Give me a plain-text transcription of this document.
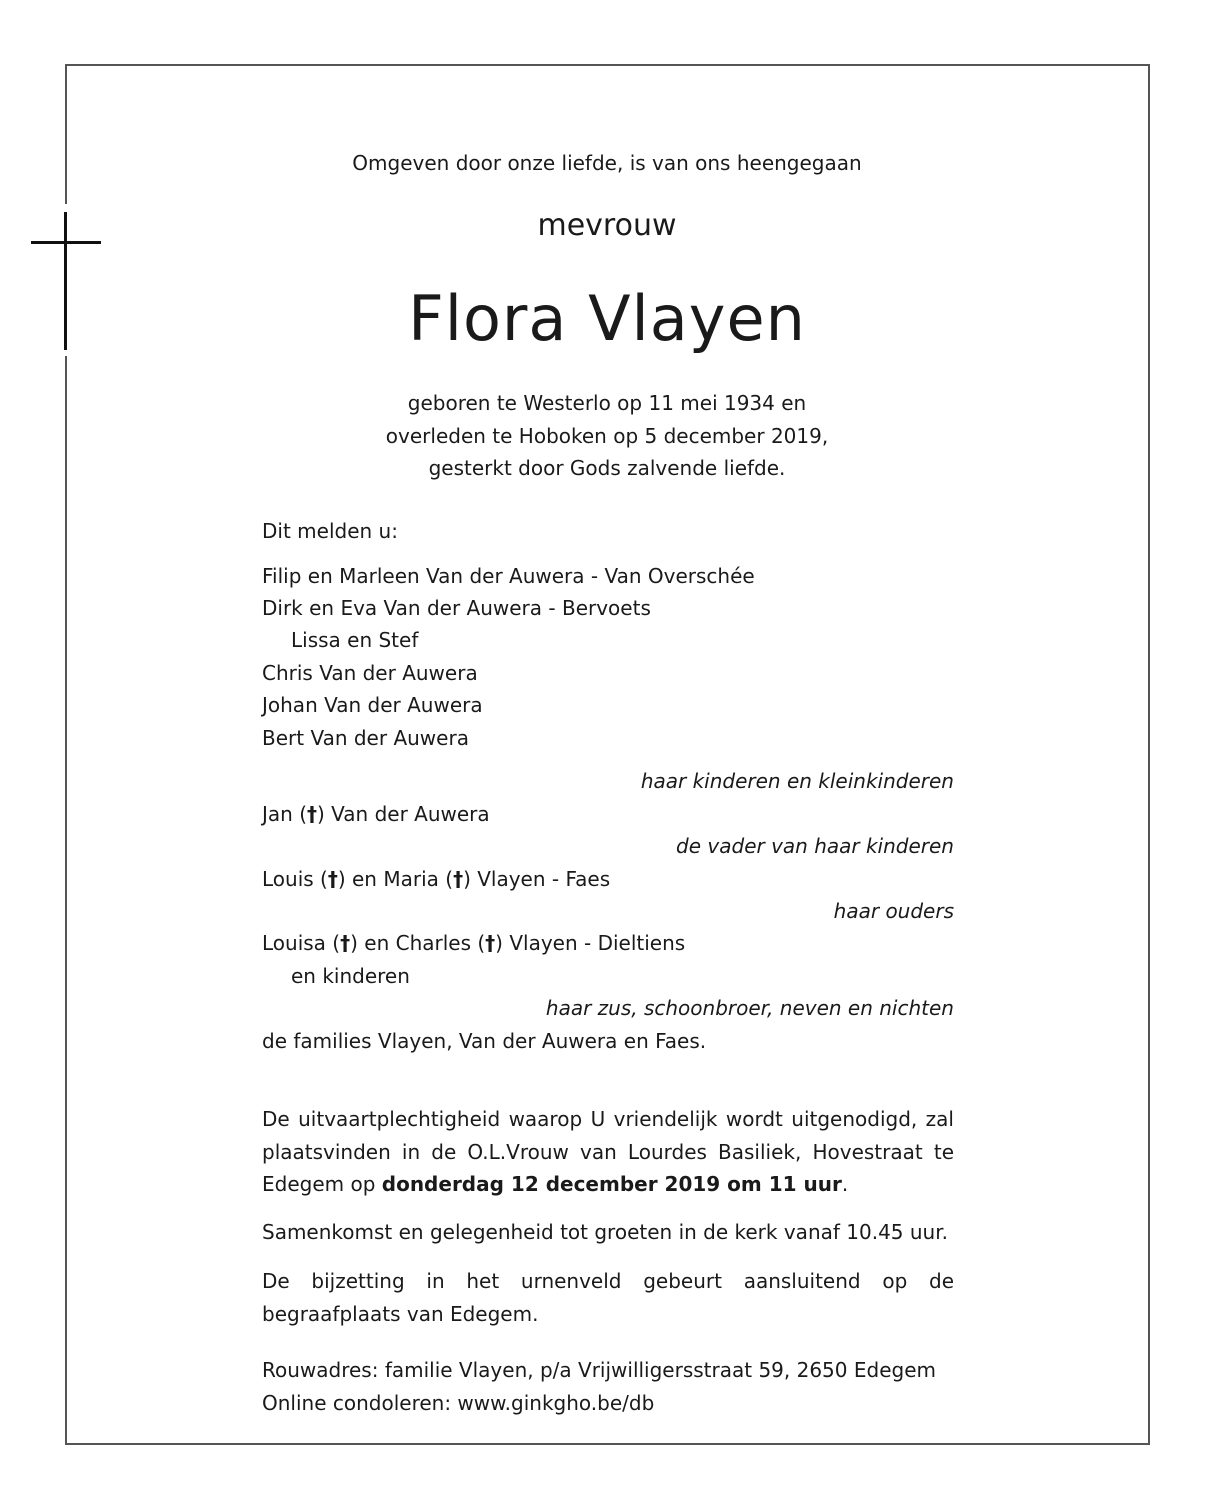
Omgeven door onze liefde, is van ons heengegaan
mevrouw
Flora Vlayen
geboren te Westerlo op 11 mei 1934 en
overleden te Hoboken op 5 december 2019,
gesterkt door Gods zalvende liefde.
Dit melden u:
Filip en Marleen Van der Auwera - Van Overschée
Dirk en Eva Van der Auwera - Bervoets
Lissa en Stef
Chris Van der Auwera
Johan Van der Auwera
Bert Van der Auwera
haar kinderen en kleinkinderen
Jan (†) Van der Auwera
de vader van haar kinderen
Louis (†) en Maria (†) Vlayen - Faes
haar ouders
Louisa (†) en Charles (†) Vlayen - Dieltiens
en kinderen
haar zus, schoonbroer, neven en nichten
de families Vlayen, Van der Auwera en Faes.
De uitvaartplechtigheid waarop U vriendelijk wordt uitgenodigd, zal plaatsvinden in de O.L.Vrouw van Lourdes Basiliek, Hovestraat te Edegem op donderdag 12 december 2019 om 11 uur.
Samenkomst en gelegenheid tot groeten in de kerk vanaf 10.45 uur.
De bijzetting in het urnenveld gebeurt aansluitend op de begraafplaats van Edegem.
Rouwadres: familie Vlayen, p/a Vrijwilligersstraat 59, 2650 Edegem
Online condoleren: www.ginkgho.be/db
